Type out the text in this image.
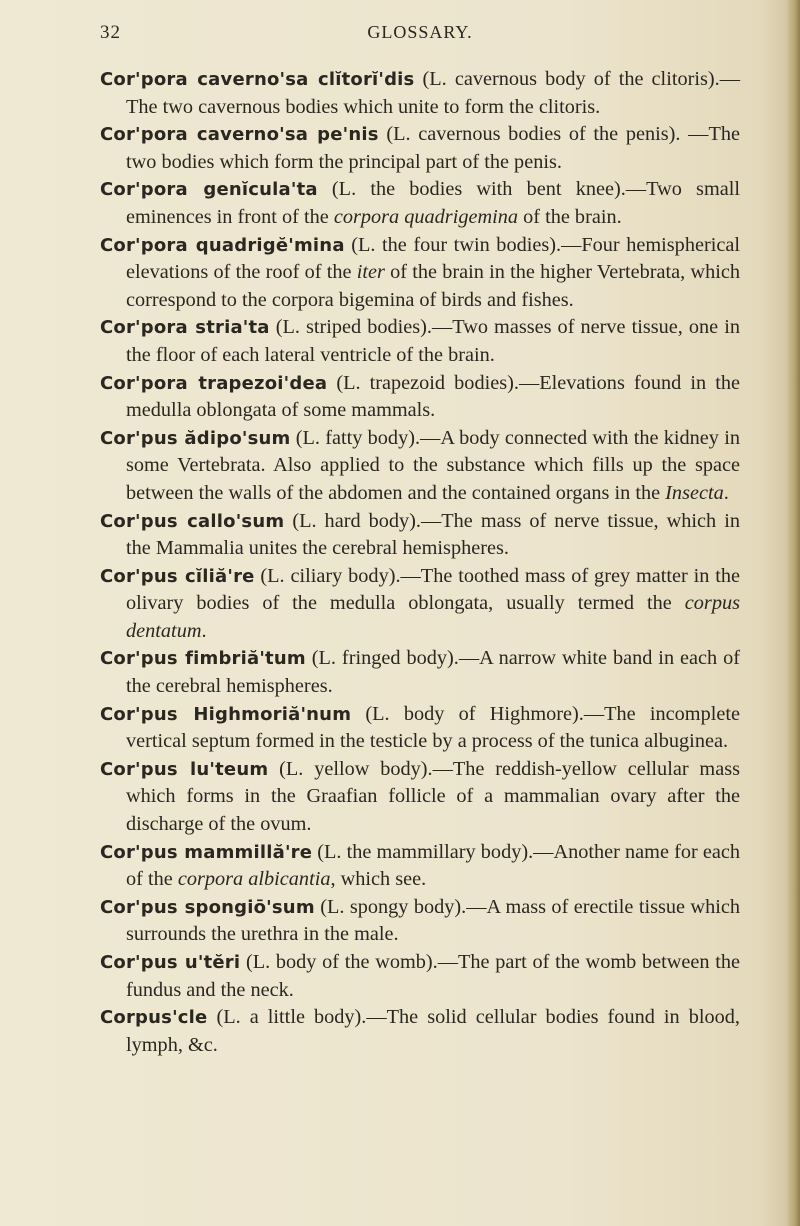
32	GLOSSARY.

Cor'pora caverno'sa clĭtorĭ'dis (L. cavernous body of the clitoris).—The two cavernous bodies which unite to form the clitoris.

Cor'pora caverno'sa pe'nis (L. cavernous bodies of the penis). —The two bodies which form the principal part of the penis.

Cor'pora genĭcula'ta (L. the bodies with bent knee).—Two small eminences in front of the corpora quadrigemina of the brain.

Cor'pora quadrigĕ'mina (L. the four twin bodies).—Four hemispherical elevations of the roof of the iter of the brain in the higher Vertebrata, which correspond to the corpora bigemina of birds and fishes.

Cor'pora stria'ta (L. striped bodies).—Two masses of nerve tissue, one in the floor of each lateral ventricle of the brain.

Cor'pora trapezoi'dea (L. trapezoid bodies).—Elevations found in the medulla oblongata of some mammals.

Cor'pus ădipo'sum (L. fatty body).—A body connected with the kidney in some Vertebrata. Also applied to the substance which fills up the space between the walls of the abdomen and the contained organs in the Insecta.

Cor'pus callo'sum (L. hard body).—The mass of nerve tissue, which in the Mammalia unites the cerebral hemispheres.

Cor'pus cĭliă're (L. ciliary body).—The toothed mass of grey matter in the olivary bodies of the medulla oblongata, usually termed the corpus dentatum.

Cor'pus fimbriă'tum (L. fringed body).—A narrow white band in each of the cerebral hemispheres.

Cor'pus Highmoriă'num (L. body of Highmore).—The incomplete vertical septum formed in the testicle by a process of the tunica albuginea.

Cor'pus lu'teum (L. yellow body).—The reddish-yellow cellular mass which forms in the Graafian follicle of a mammalian ovary after the discharge of the ovum.

Cor'pus mammillă're (L. the mammillary body).—Another name for each of the corpora albicantia, which see.

Cor'pus spongiō'sum (L. spongy body).—A mass of erectile tissue which surrounds the urethra in the male.

Cor'pus u'tĕri (L. body of the womb).—The part of the womb between the fundus and the neck.

Corpus'cle (L. a little body).—The solid cellular bodies found in blood, lymph, &c.
